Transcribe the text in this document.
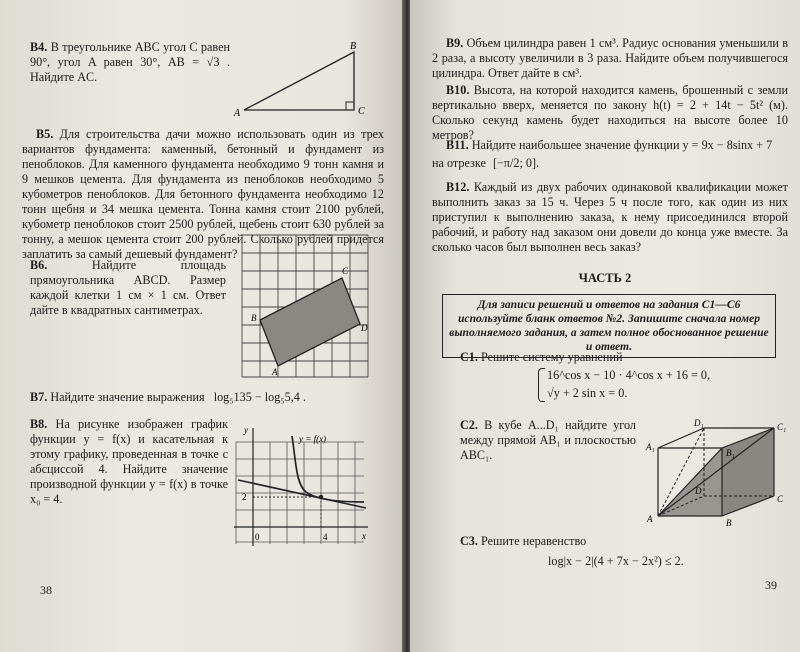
В4. В треугольнике ABC угол C равен 90°, угол A равен 30°, AB = √3 . Найдите AC.
A
B
C
В5. Для строительства дачи можно использовать один из трех вариантов фундамента: каменный, бетонный и фундамент из пеноблоков. Для каменного фундамента необходимо 9 тонн камня и 9 мешков цемента. Для фундамента из пеноблоков необходимо 5 кубометров пеноблоков. Для бетонного фундамента необходимо 12 тонн щебня и 34 мешка цемента. Тонна камня стоит 2100 рублей, кубометр пеноблоков стоит 2500 рублей, щебень стоит 630 рублей за тонну, а мешок цемента стоит 200 рублей. Сколько рублей придется заплатить за самый дешевый фундамент?
В6.	Найдите площадь прямоугольника ABCD. Размер каждой клетки 1 см × 1 см. Ответ дайте в квадратных сантиметрах.
B
C
D
A
В7. Найдите значение выражения log₅135 − log₅5,4 .
В8. На рисунке изображен график функции y = f(x) и касательная к этому графику, проведенная в точке с абсциссой 4. Найдите значение производной функции y = f(x) в точке x₀ = 4.
y
x
y = f(x)
2
0	4
38
В9. Объем цилиндра равен 1 см³. Радиус основания уменьшили в 2 раза, а высоту увеличили в 3 раза. Найдите объем получившегося цилиндра. Ответ дайте в см³.
В10. Высота, на которой находится камень, брошенный с земли вертикально вверх, меняется по закону h(t) = 2 + 14t − 5t² (м). Сколько секунд камень будет находиться на высоте более 10 метров?
В11. Найдите наибольшее значение функции y = 9x − 8sinx + 7
на отрезке [−π/2; 0].
В12. Каждый из двух рабочих одинаковой квалификации может выполнить заказ за 15 ч. Через 5 ч после того, как один из них приступил к выполнению заказа, к нему присоединился второй рабочий, и работу над заказом они довели до конца уже вместе. За сколько часов был выполнен весь заказ?
ЧАСТЬ 2
Для записи решений и ответов на задания С1—С6 используйте бланк ответов №2. Запишите сначала номер выполняемого задания, а затем полное обоснованное решение и ответ.
С1. Решите систему уравнений
16^cos x − 10 · 4^cos x + 16 = 0,
√y + 2 sin x = 0.
С2. В кубе A...D₁ найдите угол между прямой AB₁ и плоскостью ABC₁.
A₁
D₁	C₁
B₁
A	B
C
D
С3. Решите неравенство
log|x − 2|(4 + 7x − 2x²) ≤ 2.
39
